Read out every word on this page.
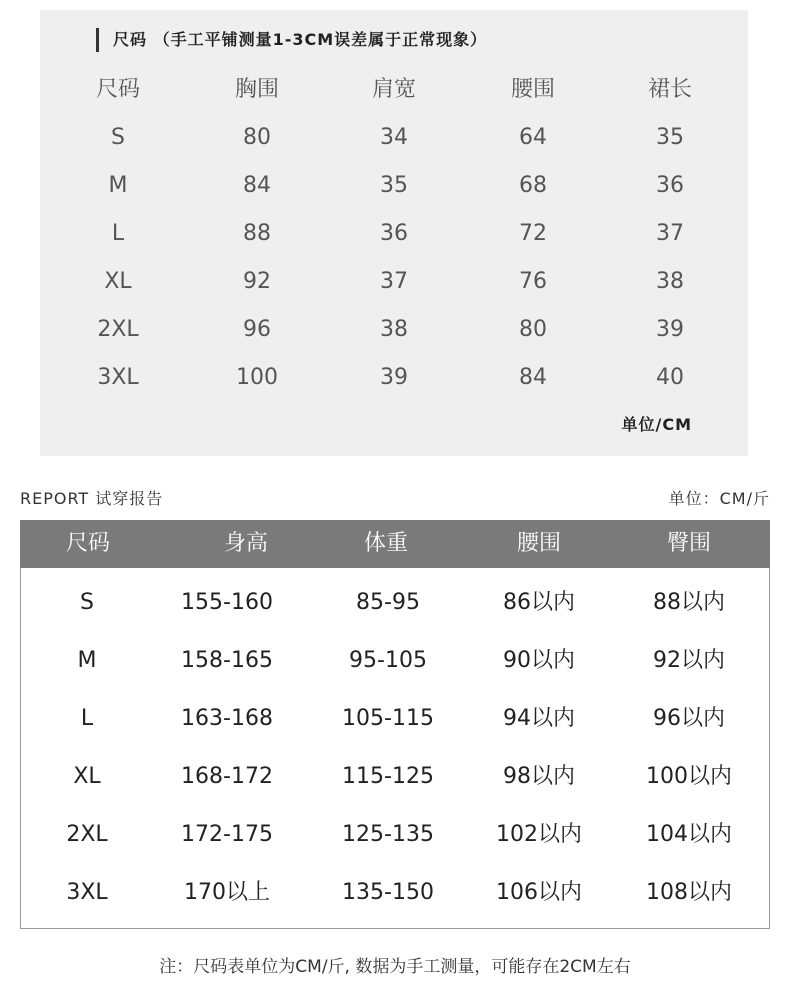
尺码 （手工平铺测量1-3CM误差属于正常现象）
尺码	胸围	肩宽	腰围	裙长
S	80	34	64	35
M	84	35	68	36
L	88	36	72	37
XL	92	37	76	38
2XL	96	38	80	39
3XL	100	39	84	40
单位/CM
REPORT 试穿报告	单位：CM/斤
尺码	身高	体重	腰围	臀围
S	155-160	85-95	86以内	88以内
M	158-165	95-105	90以内	92以内
L	163-168	105-115	94以内	96以内
XL	168-172	115-125	98以内	100以内
2XL	172-175	125-135	102以内	104以内
3XL	170以上	135-150	106以内	108以内
注：尺码表单位为CM/斤, 数据为手工测量，可能存在2CM左右
